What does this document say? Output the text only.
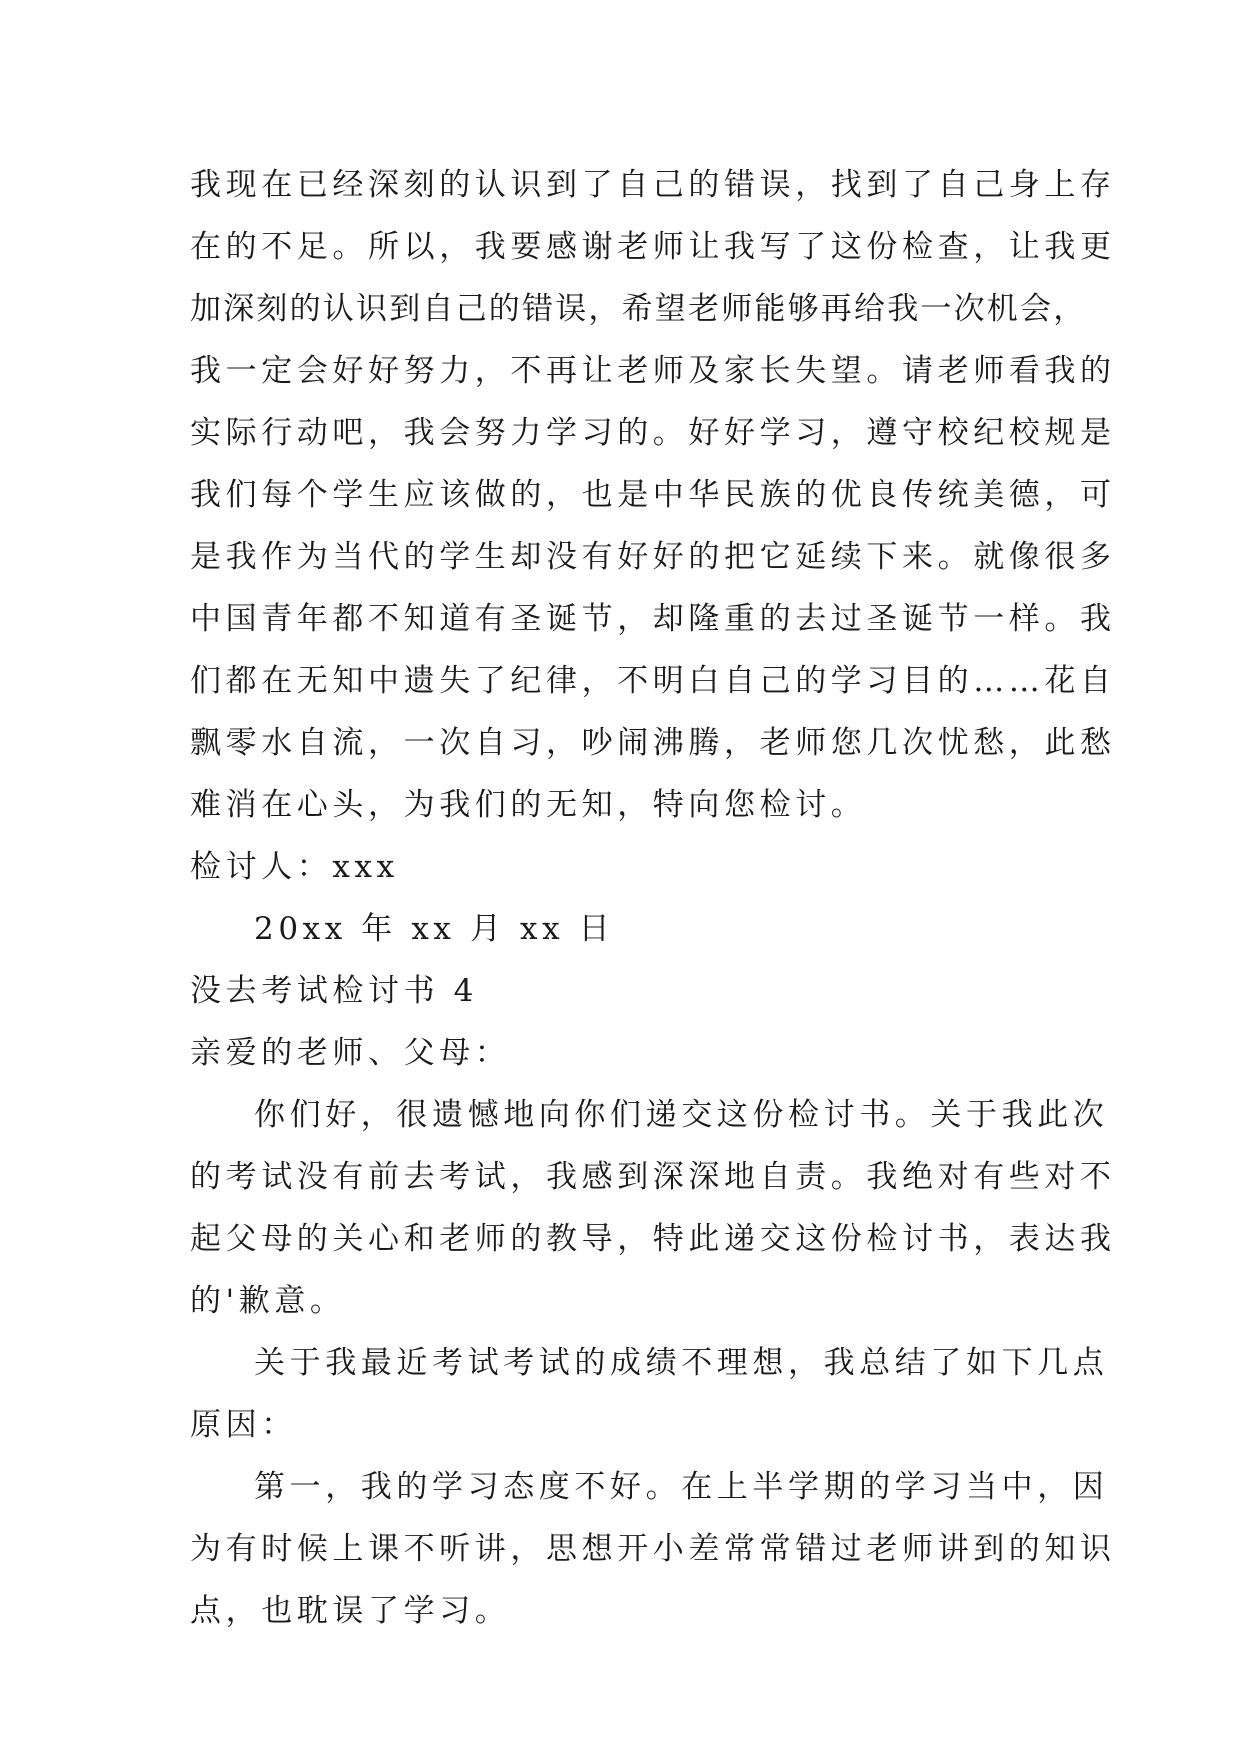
我现在已经深刻的认识到了自己的错误，找到了自己身上存
在的不足。所以，我要感谢老师让我写了这份检查，让我更
加深刻的认识到自己的错误，希望老师能够再给我一次机会，
我一定会好好努力，不再让老师及家长失望。请老师看我的
实际行动吧，我会努力学习的。好好学习，遵守校纪校规是
我们每个学生应该做的，也是中华民族的优良传统美德，可
是我作为当代的学生却没有好好的把它延续下来。就像很多
中国青年都不知道有圣诞节，却隆重的去过圣诞节一样。我
们都在无知中遗失了纪律，不明白自己的学习目的……花自
飘零水自流，一次自习，吵闹沸腾，老师您几次忧愁，此愁
难消在心头，为我们的无知，特向您检讨。
检讨人：xxx
20xx 年 xx 月 xx 日
没去考试检讨书 4
亲爱的老师、父母：
你们好，很遗憾地向你们递交这份检讨书。关于我此次
的考试没有前去考试，我感到深深地自责。我绝对有些对不
起父母的关心和老师的教导，特此递交这份检讨书，表达我
的'歉意。
关于我最近考试考试的成绩不理想，我总结了如下几点
原因：
第一，我的学习态度不好。在上半学期的学习当中，因
为有时候上课不听讲，思想开小差常常错过老师讲到的知识
点，也耽误了学习。
